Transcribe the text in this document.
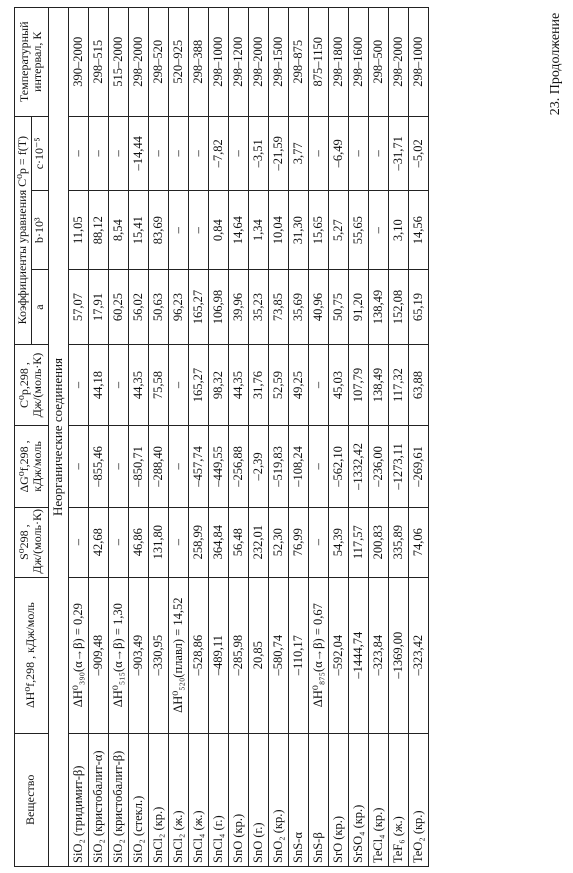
23. Продолжение
Вещество	ΔH⁰f,298 , кДж/моль	S⁰298 , Дж/(моль·К)	ΔG⁰f,298 , кДж/моль	C⁰p,298 , Дж/(моль·К)	Коэффициенты уравнения C⁰p = f(T)			Температурный интервал, К
					a	b·10³	c·10⁻⁵	
Неорганические соединения								
SiO₂ (тридимит-β)	ΔH⁰₃₉₀(α→β) = 0,29	–	–	–	57,07	11,05	–	390–2000
SiO₂ (кристобалит-α)	–909,48	42,68	–855,46	44,18	17,91	88,12	–	298–515
SiO₂ (кристобалит-β)	ΔH⁰₅₁₅(α→β) = 1,30	–	–	–	60,25	8,54	–	515–2000
SiO₂ (стекл.)	–903,49	46,86	–850,71	44,35	56,02	15,41	–14,44	298–2000
SnCl₂ (кр.)	–330,95	131,80	–288,40	75,58	50,63	83,69	–	298–520
SnCl₂ (ж.)	ΔH⁰₅₂₀(плавл) = 14,52	–	–	–	96,23	–	–	520–925
SnCl₄ (ж.)	–528,86	258,99	–457,74	165,27	165,27	–	–	298–388
SnCl₄ (г.)	–489,11	364,84	–449,55	98,32	106,98	0,84	–7,82	298–1000
SnO (кр.)	–285,98	56,48	–256,88	44,35	39,96	14,64	–	298–1200
SnO (г.)	20,85	232,01	–2,39	31,76	35,23	1,34	–3,51	298–2000
SnO₂ (кр.)	–580,74	52,30	–519,83	52,59	73,85	10,04	–21,59	298–1500
SnS-α	–110,17	76,99	–108,24	49,25	35,69	31,30	3,77	298–875
SnS-β	ΔH⁰₈₇₅(α→β) = 0,67	–	–	–	40,96	15,65	–	875–1150
SrO (кр.)	–592,04	54,39	–562,10	45,03	50,75	5,27	–6,49	298–1800
SrSO₄ (кр.)	–1444,74	117,57	–1332,42	107,79	91,20	55,65	–	298–1600
TeCl₄ (кр.)	–323,84	200,83	–236,00	138,49	138,49	–	–	298–500
TeF₆ (ж.)	–1369,00	335,89	–1273,11	117,32	152,08	3,10	–31,71	298–2000
TeO₂ (кр.)	–323,42	74,06	–269,61	63,88	65,19	14,56	–5,02	298–1000
